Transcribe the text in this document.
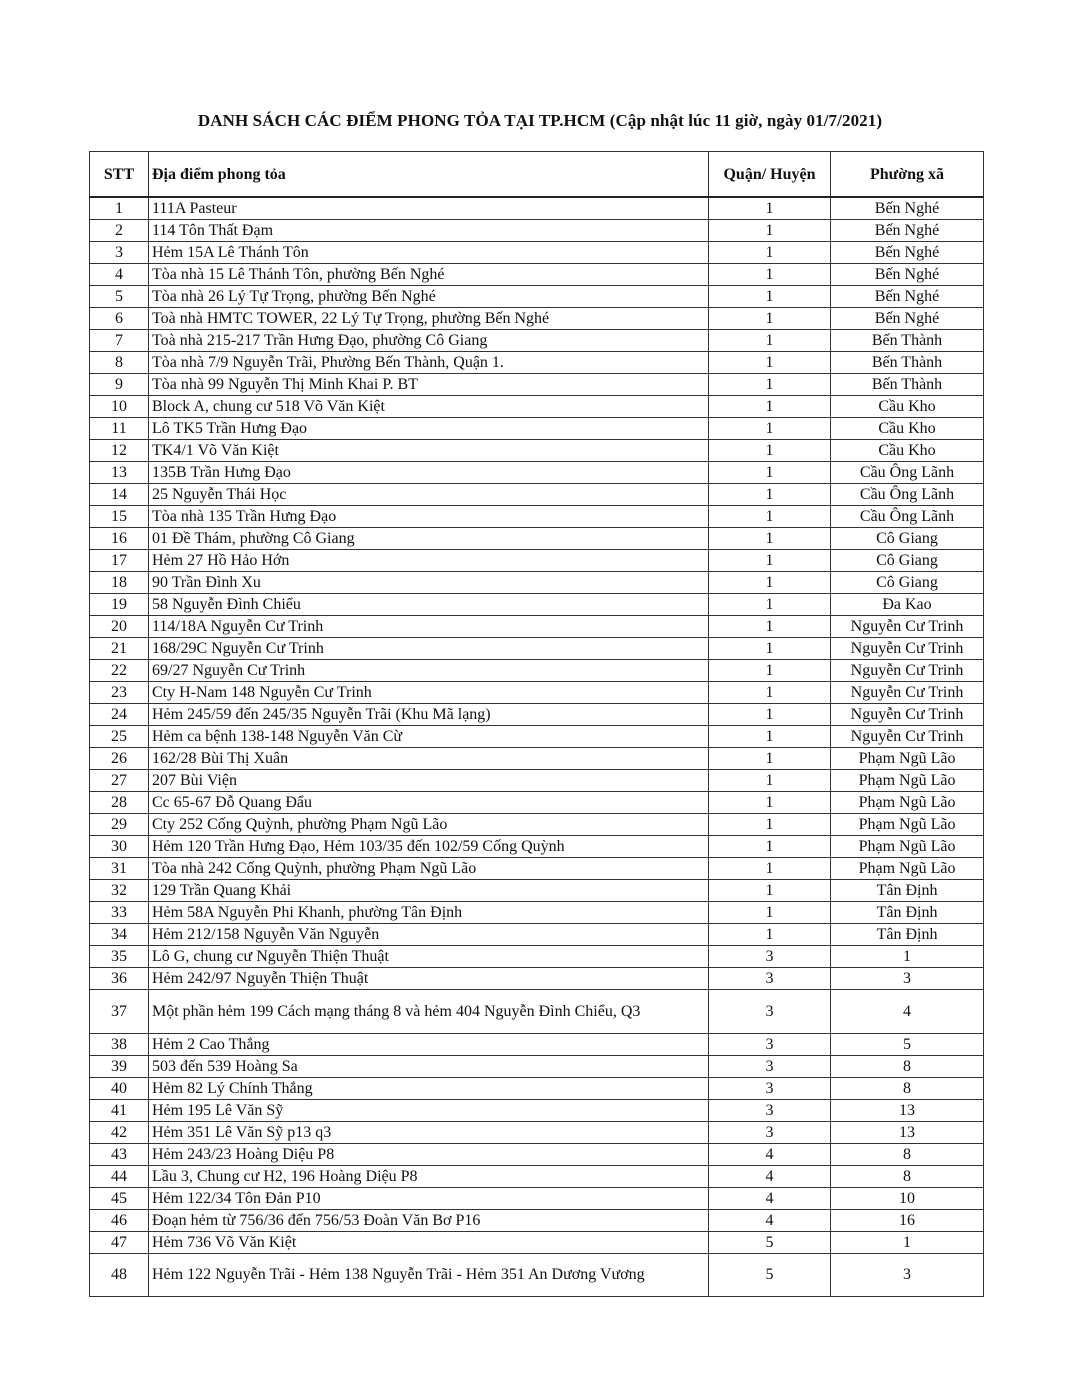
DANH SÁCH CÁC ĐIỂM PHONG TỎA TẠI TP.HCM (Cập nhật lúc 11 giờ, ngày 01/7/2021)
STT	Địa điểm phong tỏa	Quận/ Huyện	Phường xã
1	111A Pasteur	1	Bến Nghé
2	114 Tôn Thất Đạm	1	Bến Nghé
3	Hẻm 15A Lê Thánh Tôn	1	Bến Nghé
4	Tòa nhà 15 Lê Thánh Tôn, phường Bến Nghé	1	Bến Nghé
5	Tòa nhà 26 Lý Tự Trọng, phường Bến Nghé	1	Bến Nghé
6	Toà nhà HMTC TOWER, 22 Lý Tự Trọng, phường Bến Nghé	1	Bến Nghé
7	Toà nhà 215-217 Trần Hưng Đạo, phường Cô Giang	1	Bến Thành
8	Tòa nhà 7/9 Nguyễn Trãi, Phường Bến Thành, Quận 1.	1	Bến Thành
9	Tòa nhà 99 Nguyễn Thị Minh Khai P. BT	1	Bến Thành
10	Block A, chung cư 518 Võ Văn Kiệt	1	Cầu Kho
11	Lô TK5 Trần Hưng Đạo	1	Cầu Kho
12	TK4/1 Võ Văn Kiệt	1	Cầu Kho
13	135B Trần Hưng Đạo	1	Cầu Ông Lãnh
14	25 Nguyễn Thái Học	1	Cầu Ông Lãnh
15	Tòa nhà 135 Trần Hưng Đạo	1	Cầu Ông Lãnh
16	01 Đề Thám, phường Cô Giang	1	Cô Giang
17	Hẻm 27 Hồ Hảo Hớn	1	Cô Giang
18	90 Trần Đình Xu	1	Cô Giang
19	58 Nguyễn Đình Chiểu	1	Đa Kao
20	114/18A Nguyễn Cư Trinh	1	Nguyễn Cư Trinh
21	168/29C Nguyễn Cư Trinh	1	Nguyễn Cư Trinh
22	69/27 Nguyễn Cư Trinh	1	Nguyễn Cư Trinh
23	Cty H-Nam 148 Nguyễn Cư Trinh	1	Nguyễn Cư Trinh
24	Hẻm 245/59 đến 245/35 Nguyễn Trãi (Khu Mã lạng)	1	Nguyễn Cư Trinh
25	Hẻm ca bệnh 138-148 Nguyễn Văn Cừ	1	Nguyễn Cư Trinh
26	162/28 Bùi Thị Xuân	1	Phạm Ngũ Lão
27	207 Bùi Viện	1	Phạm Ngũ Lão
28	Cc 65-67 Đỗ Quang Đẩu	1	Phạm Ngũ Lão
29	Cty 252 Cống Quỳnh, phường Phạm Ngũ Lão	1	Phạm Ngũ Lão
30	Hẻm 120 Trần Hưng Đạo, Hẻm 103/35 đến 102/59 Cống Quỳnh	1	Phạm Ngũ Lão
31	Tòa nhà 242 Cống Quỳnh, phường Phạm Ngũ Lão	1	Phạm Ngũ Lão
32	129 Trần Quang Khải	1	Tân Định
33	Hẻm 58A Nguyễn Phi Khanh, phường Tân Định	1	Tân Định
34	Hẻm 212/158 Nguyễn Văn Nguyễn	1	Tân Định
35	Lô G, chung cư Nguyễn Thiện Thuật	3	1
36	Hẻm 242/97 Nguyễn Thiện Thuật	3	3
37	Một phần hẻm 199 Cách mạng tháng 8 và hẻm 404 Nguyễn Đình Chiểu, Q3	3	4
38	Hẻm 2 Cao Thắng	3	5
39	503 đến 539 Hoàng Sa	3	8
40	Hẻm 82 Lý Chính Thắng	3	8
41	Hẻm 195 Lê Văn Sỹ	3	13
42	Hẻm 351 Lê Văn Sỹ p13 q3	3	13
43	Hẻm 243/23 Hoàng Diệu P8	4	8
44	Lầu 3, Chung cư H2, 196 Hoàng Diệu P8	4	8
45	Hẻm 122/34 Tôn Đản P10	4	10
46	Đoạn hẻm từ 756/36 đến 756/53 Đoàn Văn Bơ P16	4	16
47	Hẻm 736 Võ Văn Kiệt	5	1
48	Hẻm 122 Nguyễn Trãi - Hẻm 138 Nguyễn Trãi - Hẻm 351 An Dương Vương	5	3
